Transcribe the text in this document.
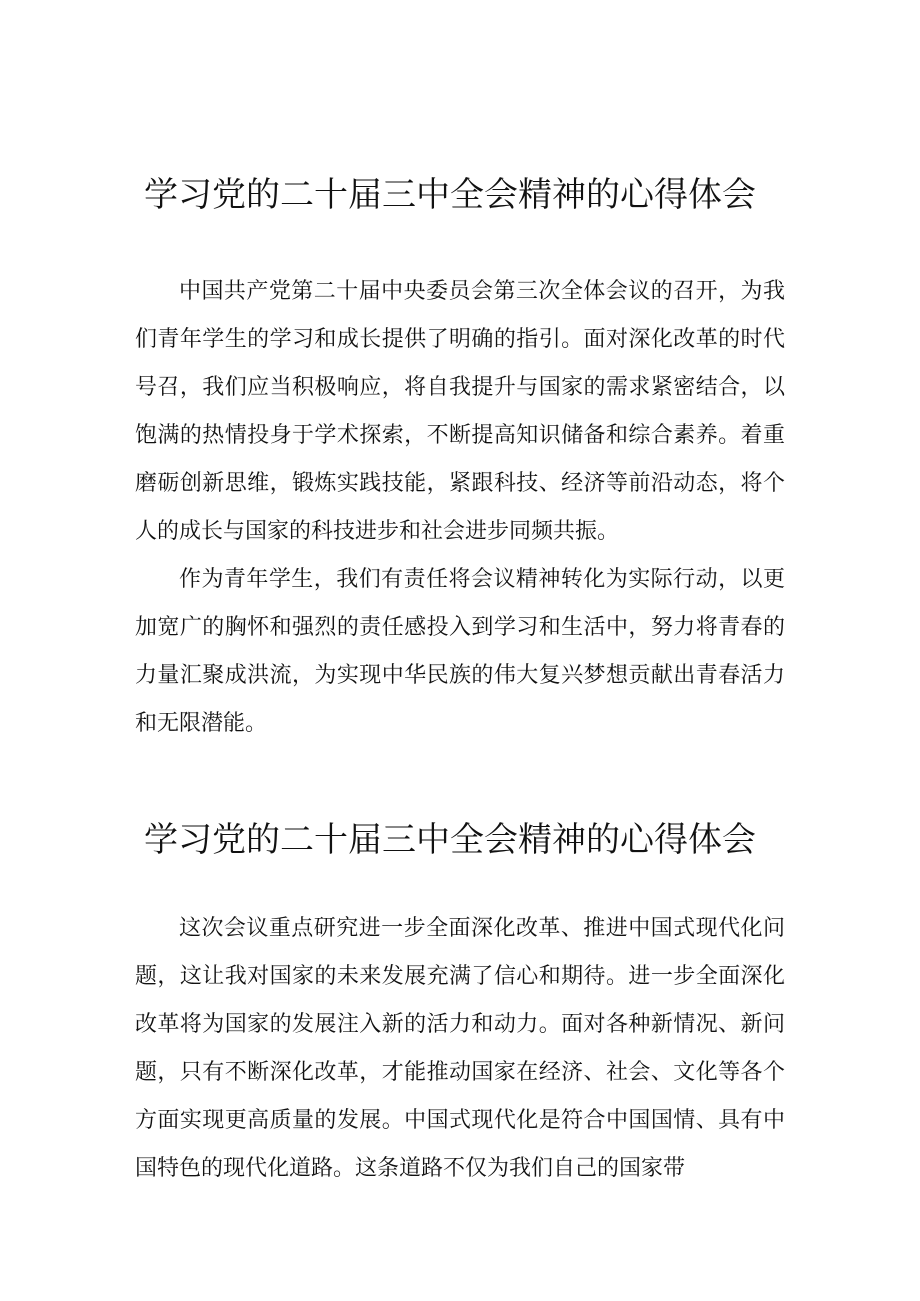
学习党的二十届三中全会精神的心得体会

中国共产党第二十届中央委员会第三次全体会议的召开，为我们青年学生的学习和成长提供了明确的指引。面对深化改革的时代号召，我们应当积极响应，将自我提升与国家的需求紧密结合，以饱满的热情投身于学术探索，不断提高知识储备和综合素养。着重磨砺创新思维，锻炼实践技能，紧跟科技、经济等前沿动态，将个人的成长与国家的科技进步和社会进步同频共振。

作为青年学生，我们有责任将会议精神转化为实际行动，以更加宽广的胸怀和强烈的责任感投入到学习和生活中，努力将青春的力量汇聚成洪流，为实现中华民族的伟大复兴梦想贡献出青春活力和无限潜能。

学习党的二十届三中全会精神的心得体会

这次会议重点研究进一步全面深化改革、推进中国式现代化问题，这让我对国家的未来发展充满了信心和期待。进一步全面深化改革将为国家的发展注入新的活力和动力。面对各种新情况、新问题，只有不断深化改革，才能推动国家在经济、社会、文化等各个方面实现更高质量的发展。中国式现代化是符合中国国情、具有中国特色的现代化道路。这条道路不仅为我们自己的国家带
